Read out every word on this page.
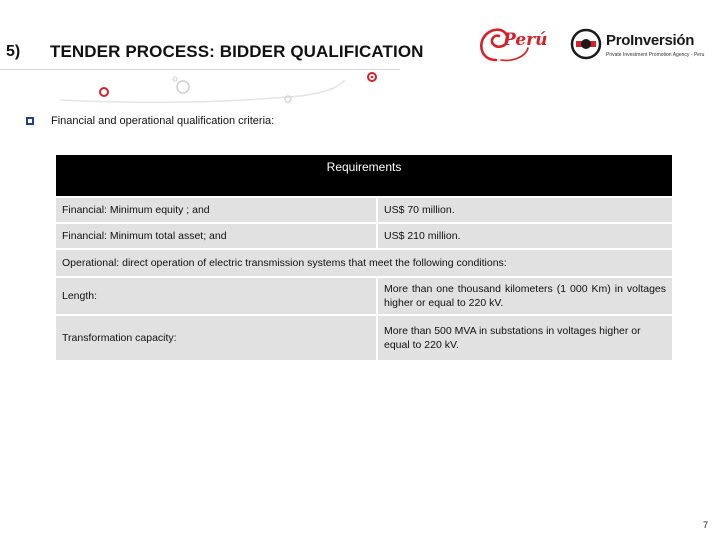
5) TENDER PROCESS: BIDDER QUALIFICATION
Perú	ProInversión
Private Investment Promotion Agency - Peru
Financial and operational qualification criteria:
Requirements	
Financial: Minimum equity ; and	US$ 70 million.
Financial: Minimum total asset; and	US$ 210 million.
Operational: direct operation of electric transmission systems that meet the following conditions:	
Length:	More than one thousand kilometers (1 000 Km) in voltages higher or equal to 220 kV.
Transformation capacity:	More than 500 MVA in substations in voltages higher or equal to 220 kV.
7
